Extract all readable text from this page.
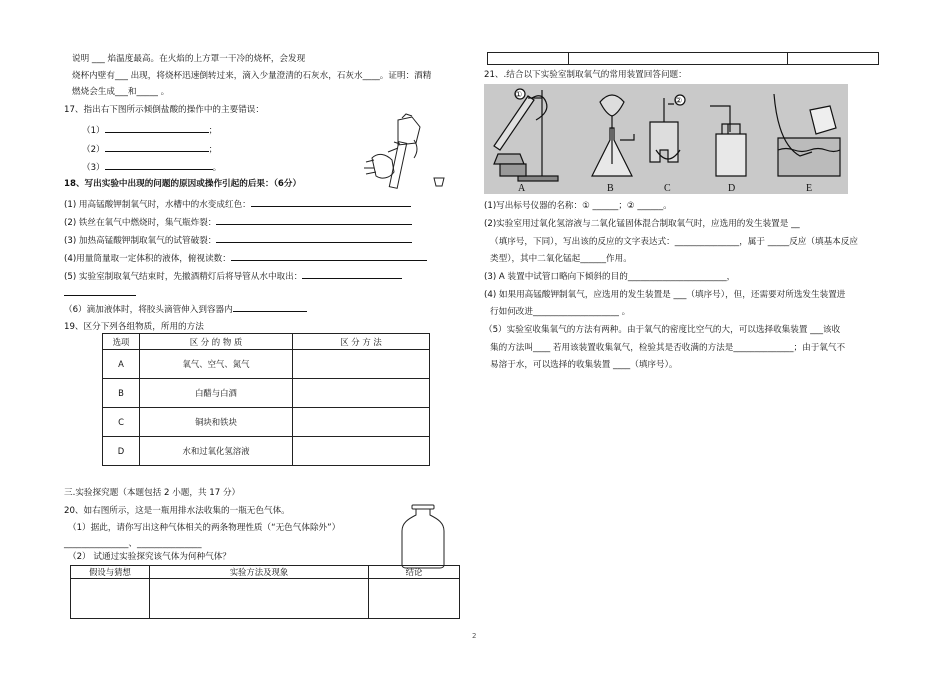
说明 ___ 焰温度最高。在火焰的上方罩一干冷的烧杯，会发现
烧杯内壁有___ 出现，将烧杯迅速倒转过来，滴入少量澄清的石灰水，石灰水____。证明：酒精
燃烧会生成___和_____ 。
17、指出右下图所示倾倒盐酸的操作中的主要错误：
（1）	；
（2）	；
（3）	。
18、写出实验中出现的问题的原因或操作引起的后果：（6分）
(1) 用高锰酸钾制氧气时，水槽中的水变成红色：
(2) 铁丝在氧气中燃烧时，集气瓶炸裂：
(3) 加热高锰酸钾制取氧气的试管破裂：
(4)用量筒量取一定体积的液体，俯视读数：
(5) 实验室制取氧气结束时，先撤酒精灯后将导管从水中取出：
（6）滴加液体时，将胶头滴管伸入到容器内
19、区分下列各组物质，所用的方法
选项	区 分 的 物 质	区 分 方 法
A	氧气、空气、氮气	
B	白醋与白酒	
C	铜块和铁块	
D	水和过氧化氢溶液	
三.实验探究题（本题包括 2 小题，共 17 分）
20、如右图所示，这是一瓶用排水法收集的一瓶无色气体。
（1）据此，请你写出这种气体相关的两条物理性质（“无色气体除外”）
_______________、_______________
（2） 试通过实验探究该气体为何种气体？
假设与猜想	实验方法及现象	结论

21、.结合以下实验室制取氧气的常用装置回答问题：
A	B	C	D	E
①
②
(1)写出标号仪器的名称：① ______；② ______。
(2)实验室用过氧化氢溶液与二氧化锰固体混合制取氧气时，应选用的发生装置是 __
（填序号，下同），写出该的反应的文字表达式：_______________，属于 _____反应（填基本反应
类型），其中二氧化锰起______作用。
(3) A 装置中试管口略向下倾斜的目的_______________________，
(4) 如果用高锰酸钾制氧气，应选用的发生装置是 ___（填序号），但，还需要对所选发生装置进
行如何改进____________________ 。
（5）实验室收集氧气的方法有两种。由于氧气的密度比空气的大，可以选择收集装置 ___该收
集的方法叫____ 若用该装置收集氧气，检验其是否收满的方法是______________；由于氧气不
易溶于水，可以选择的收集装置 ____（填序号）。
2
